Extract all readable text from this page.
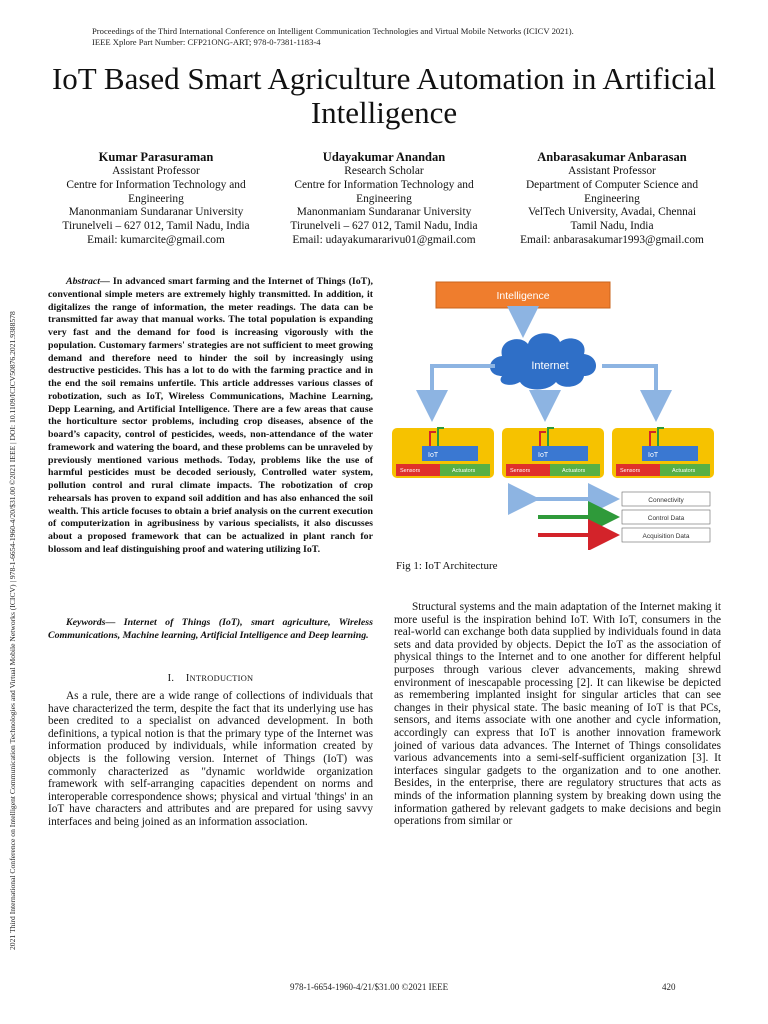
Proceedings of the Third International Conference on Intelligent Communication Technologies and Virtual Mobile Networks (ICICV 2021).
IEEE Xplore Part Number: CFP21ONG-ART; 978-0-7381-1183-4
2021 Third International Conference on Intelligent Communication Technologies and Virtual Mobile Networks (ICICV) | 978-1-6654-1960-4/20/$31.00 ©2021 IEEE | DOI: 10.1109/ICICV50876.2021.9388578
IoT Based Smart Agriculture Automation in Artificial
Intelligence
Kumar Parasuraman
Assistant Professor
Centre for Information Technology and
Engineering
Manonmaniam Sundaranar University
Tirunelveli – 627 012, Tamil Nadu, India
Email: kumarcite@gmail.com
Udayakumar Anandan
Research Scholar
Centre for Information Technology and
Engineering
Manonmaniam Sundaranar University
Tirunelveli – 627 012, Tamil Nadu, India
Email: udayakumararivu01@gmail.com
Anbarasakumar Anbarasan
Assistant Professor
Department of Computer Science and
Engineering
VelTech University, Avadai, Chennai
Tamil Nadu, India
Email: anbarasakumar1993@gmail.com
Abstract— In advanced smart farming and the Internet of Things (IoT), conventional simple meters are extremely highly transmitted. In addition, it digitalizes the range of information, the meter readings. The data can be transmitted far away that manual works. The total population is expanding very fast and the demand for food is increasing vigorously with the population. Customary farmers' strategies are not sufficient to meet growing demand and therefore need to hinder the soil by increasingly using destructive pesticides. This has a lot to do with the farming practice and in the end the soil remains unfertile. This article addresses various classes of robotization, such as IoT, Wireless Communications, Machine Learning, Depp Learning, and Artificial Intelligence. There are a few areas that cause the horticulture sector problems, including crop diseases, absence of the board’s capacity, control of pesticides, weeds, non-attendance of the water framework and watering the board, and these problems can be unraveled by previously mentioned various methods. Today, problems like the use of harmful pesticides must be decoded seriously, Controlled water system, pollution control and rural climate impacts. The robotization of crop rehearsals has proven to expand soil addition and has also enhanced the soil wealth. This article focuses to obtain a brief analysis on the current execution of computerization in agribusiness by various specialists, it also discusses about a proposed framework that can be actualized in plant ranch for blossom and leaf distinguishing proof and watering utilizing IoT.
Keywords— Internet of Things (IoT), smart agriculture, Wireless Communications, Machine learning, Artificial Intelligence and Deep learning.
I. INTRODUCTION
As a rule, there are a wide range of collections of individuals that have characterized the term, despite the fact that its underlying use has been credited to a specialist on advanced development. In both definitions, a typical notion is that the primary type of the Internet was information produced by individuals, while information created by objects is the following version. Internet of Things (IoT) was commonly characterized as "dynamic worldwide organization framework with self-arranging capacities dependent on norms and interoperable correspondence shows; physical and virtual 'things' in an IoT have characters and attributes and are prepared for using savvy interfaces and being joined as an information association.
Intelligence
Internet
IoT
Sensors	Actuators
IoT
Sensors	Actuators
IoT
Sensors	Actuators
Connectivity
Control Data
Acquisition Data
Fig 1: IoT Architecture
Structural systems and the main adaptation of the Internet making it more useful is the inspiration behind IoT. With IoT, consumers in the real-world can exchange both data supplied by individuals found in data sets and data provided by objects. Depict the IoT as the association of physical things to the Internet and to one another for different helpful purposes through various clever advancements, making shrewd environment of inescapable processing [2]. It can likewise be depicted as remembering implanted insight for singular articles that can see changes in their physical state. The basic meaning of IoT is that PCs, sensors, and items associate with one another and cycle information, accordingly can express that IoT is another innovation framework joined of various data advances. The Internet of Things consolidates various advancements into a semi-self-sufficient organization [3]. It interfaces singular gadgets to the organization and to one another. Besides, in the enterprise, there are regulatory structures that acts as minds of the information planning system by breaking down using the information gathered by relevant gadgets to make decisions and begin operations from similar or
978-1-6654-1960-4/21/$31.00 ©2021 IEEE	420
